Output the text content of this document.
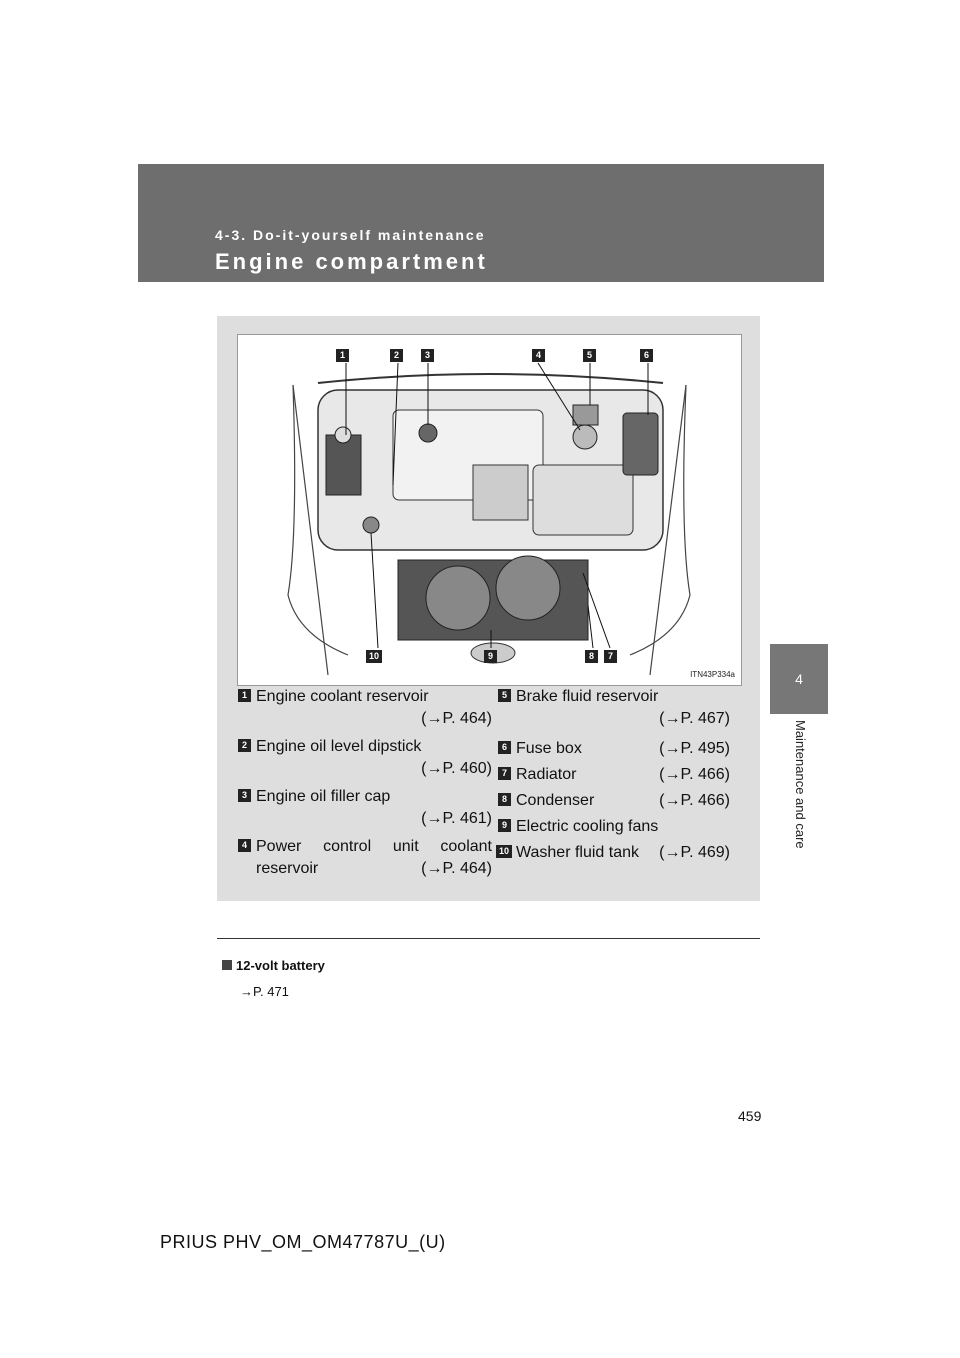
4-3. Do-it-yourself maintenance
Engine compartment
4
Maintenance and care
1	2	3	4	5	6
7
8
9
10
ITN43P334a
1 Engine coolant reservoir
(→P. 464)
2 Engine oil level dipstick
(→P. 460)
3 Engine oil filler cap
(→P. 461)
4 Power control unit coolant
reservoir	(→P. 464)
5 Brake fluid reservoir
(→P. 467)
6 Fuse box	(→P. 495)
7 Radiator	(→P. 466)
8 Condenser	(→P. 466)
9 Electric cooling fans
10 Washer fluid tank (→P. 469)
12-volt battery
→P. 471
459
PRIUS PHV_OM_OM47787U_(U)
